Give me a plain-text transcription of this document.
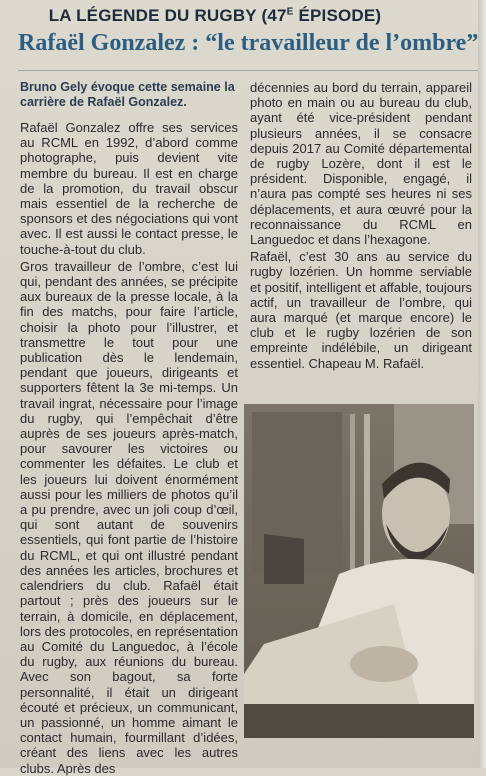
LA LÉGENDE DU RUGBY ($47^E$ ÉPISODE)
Rafaël Gonzalez : “le travailleur de l’ombre”
Bruno Gely évoque cette semaine la carrière de Rafaël Gonzalez.

Rafaël Gonzalez offre ses services au RCML en 1992, d’abord comme photographe, puis devient vite membre du bureau. Il est en charge de la promotion, du travail obscur mais essentiel de la recherche de sponsors et des négociations qui vont avec. Il est aussi le contact presse, le touche-à-tout du club.

Gros travailleur de l’ombre, c’est lui qui, pendant des années, se précipite aux bureaux de la presse locale, à la fin des matchs, pour faire l’article, choisir la photo pour l’illustrer, et transmettre le tout pour une publication dès le lendemain, pendant que joueurs, dirigeants et supporters fêtent la 3e mi-temps. Un travail ingrat, nécessaire pour l’image du rugby, qui l’empêchait d’être auprès de ses joueurs après-match, pour savourer les victoires ou commenter les défaites. Le club et les joueurs lui doivent énormément aussi pour les milliers de photos qu’il a pu prendre, avec un joli coup d’œil, qui sont autant de souvenirs essentiels, qui font partie de l’histoire du RCML, et qui ont illustré pendant des années les articles, brochures et calendriers du club. Rafaël était partout ; près des joueurs sur le terrain, à domicile, en déplacement, lors des protocoles, en représentation au Comité du Languedoc, à l’école du rugby, aux réunions du bureau. Avec son bagout, sa forte personnalité, il était un dirigeant écouté et précieux, un communicant, un passionné, un homme aimant le contact humain, fourmillant d’idées, créant des liens avec les autres clubs. Après des

décennies au bord du terrain, appareil photo en main ou au bureau du club, ayant été vice-président pendant plusieurs années, il se consacre depuis 2017 au Comité départemental de rugby Lozère, dont il est le président. Disponible, engagé, il n’aura pas compté ses heures ni ses déplacements, et aura œuvré pour la reconnaissance du RCML en Languedoc et dans l’hexagone.

Rafaël, c’est 30 ans au service du rugby lozérien. Un homme serviable et positif, intelligent et affable, toujours actif, un travailleur de l’ombre, qui aura marqué (et marque encore) le club et le rugby lozérien de son empreinte indélébile, un dirigeant essentiel. Chapeau M. Rafaël.
